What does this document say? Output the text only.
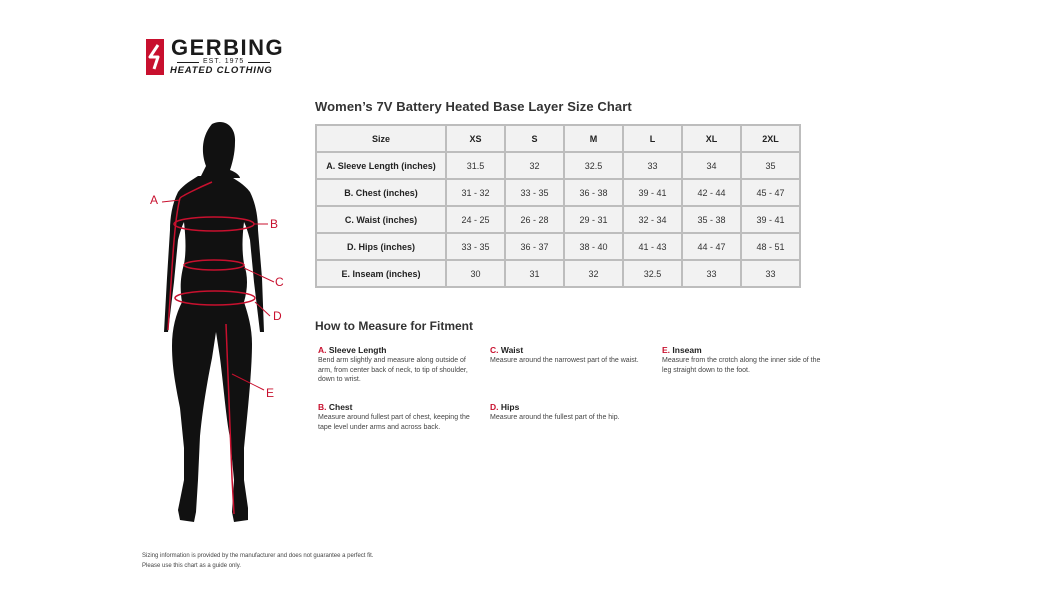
GERBING
EST. 1975
HEATED CLOTHING
A
B
C
D
E
Women’s 7V Battery Heated Base Layer Size Chart
Size	XS	S	M	L	XL	2XL
A. Sleeve Length (inches)	31.5	32	32.5	33	34	35
B. Chest (inches)	31 - 32	33 - 35	36 - 38	39 - 41	42 - 44	45 - 47
C. Waist (inches)	24 - 25	26 - 28	29 - 31	32 - 34	35 - 38	39 - 41
D. Hips (inches)	33 - 35	36 - 37	38 - 40	41 - 43	44 - 47	48 - 51
E. Inseam (inches)	30	31	32	32.5	33	33
How to Measure for Fitment
A. Sleeve Length
Bend arm slightly and measure along outside of arm, from center back of neck, to tip of shoulder, down to wrist.
B. Chest
Measure around fullest part of chest, keeping the tape level under arms and across back.
C. Waist
Measure around the narrowest part of the waist.
D. Hips
Measure around the fullest part of the hip.
E. Inseam
Measure from the crotch along the inner side of the leg straight down to the foot.
Sizing information is provided by the manufacturer and does not guarantee a perfect fit.
Please use this chart as a guide only.
